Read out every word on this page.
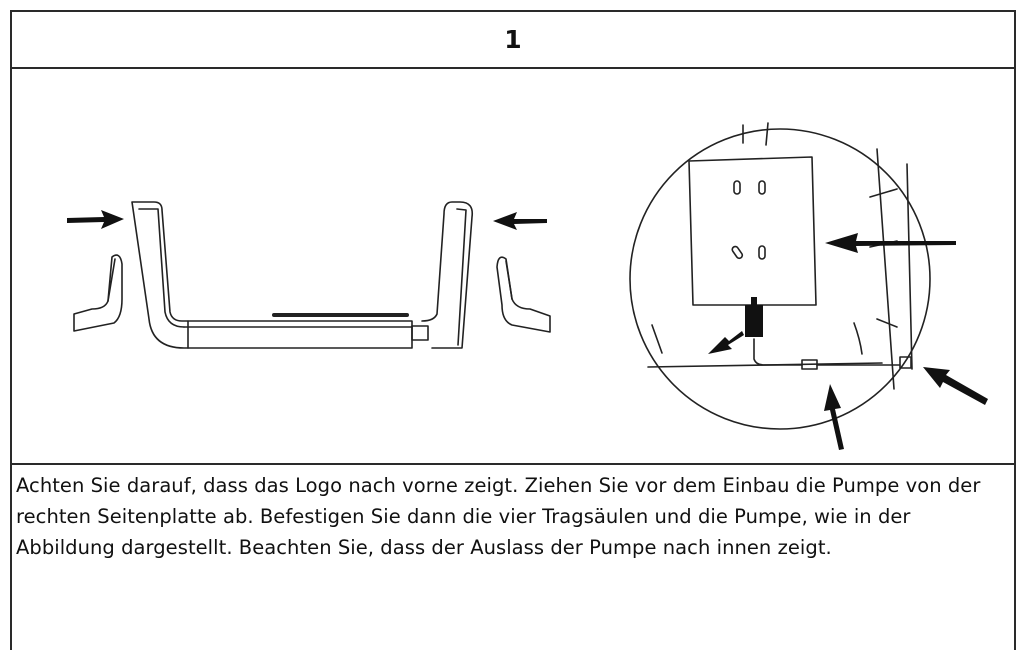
1
Achten Sie darauf, dass das Logo nach vorne zeigt. Ziehen Sie vor dem Einbau die Pumpe von der rechten Seitenplatte ab. Befestigen Sie dann die vier Tragsäulen und die Pumpe, wie in der Abbildung dargestellt. Beachten Sie, dass der Auslass der Pumpe nach innen zeigt.
